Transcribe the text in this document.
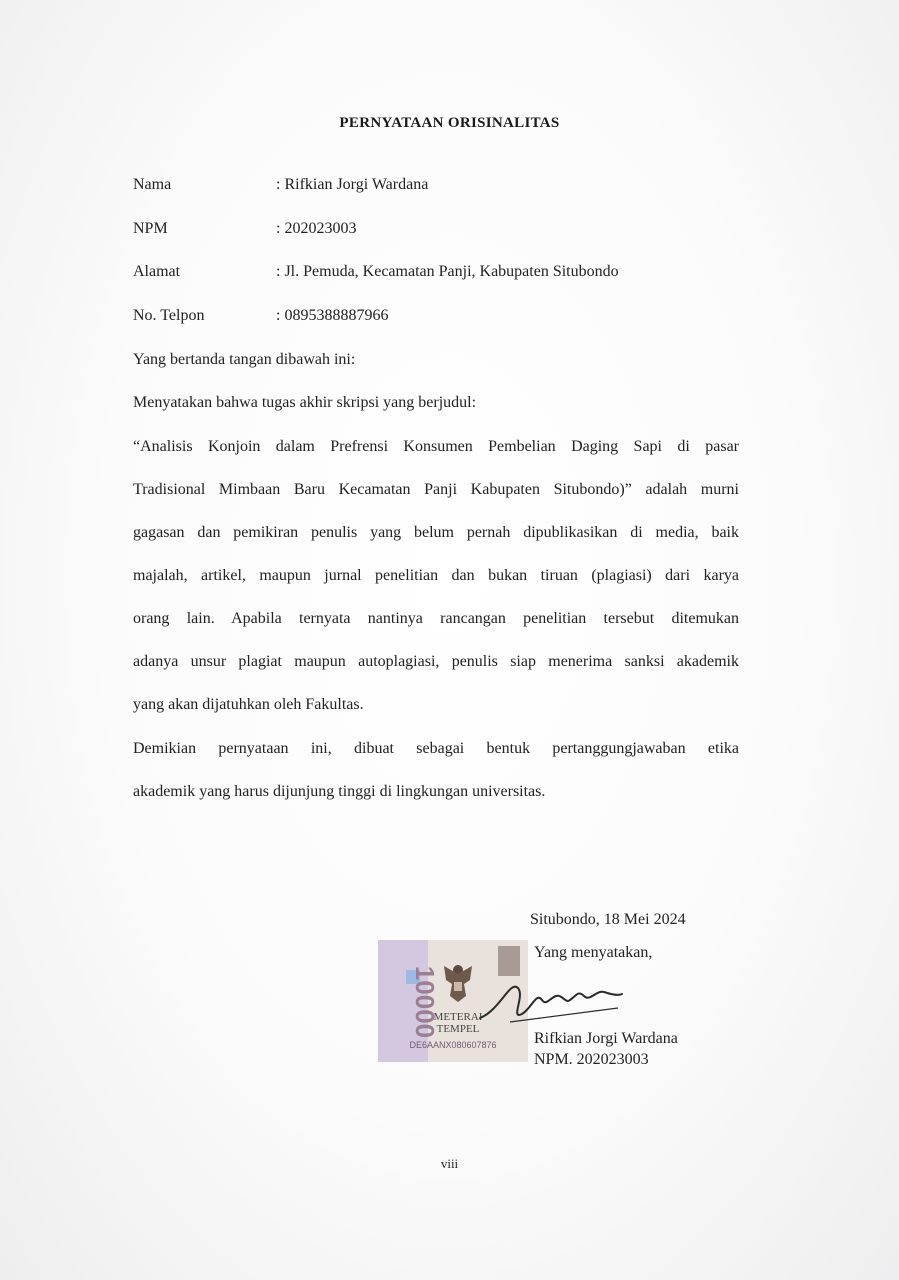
PERNYATAAN ORISINALITAS
Nama	: Rifkian Jorgi Wardana
NPM	: 202023003
Alamat	: Jl. Pemuda, Kecamatan Panji, Kabupaten Situbondo
No. Telpon	: 0895388887966
Yang bertanda tangan dibawah ini:
Menyatakan bahwa tugas akhir skripsi yang berjudul:
“Analisis Konjoin dalam Prefrensi Konsumen Pembelian Daging Sapi di pasar
Tradisional Mimbaan Baru Kecamatan Panji Kabupaten Situbondo)” adalah murni
gagasan dan pemikiran penulis yang belum pernah dipublikasikan di media, baik
majalah, artikel, maupun jurnal penelitian dan bukan tiruan (plagiasi) dari karya
orang lain. Apabila ternyata nantinya rancangan penelitian tersebut ditemukan
adanya unsur plagiat maupun autoplagiasi, penulis siap menerima sanksi akademik
yang akan dijatuhkan oleh Fakultas.
Demikian pernyataan ini, dibuat sebagai bentuk pertanggungjawaban etika
akademik yang harus dijunjung tinggi di lingkungan universitas.
Situbondo, 18 Mei 2024
Yang menyatakan,
10000
METERAI
TEMPEL
DE6AANX080607876 Rifkian Jorgi Wardana
NPM. 202023003
viii
